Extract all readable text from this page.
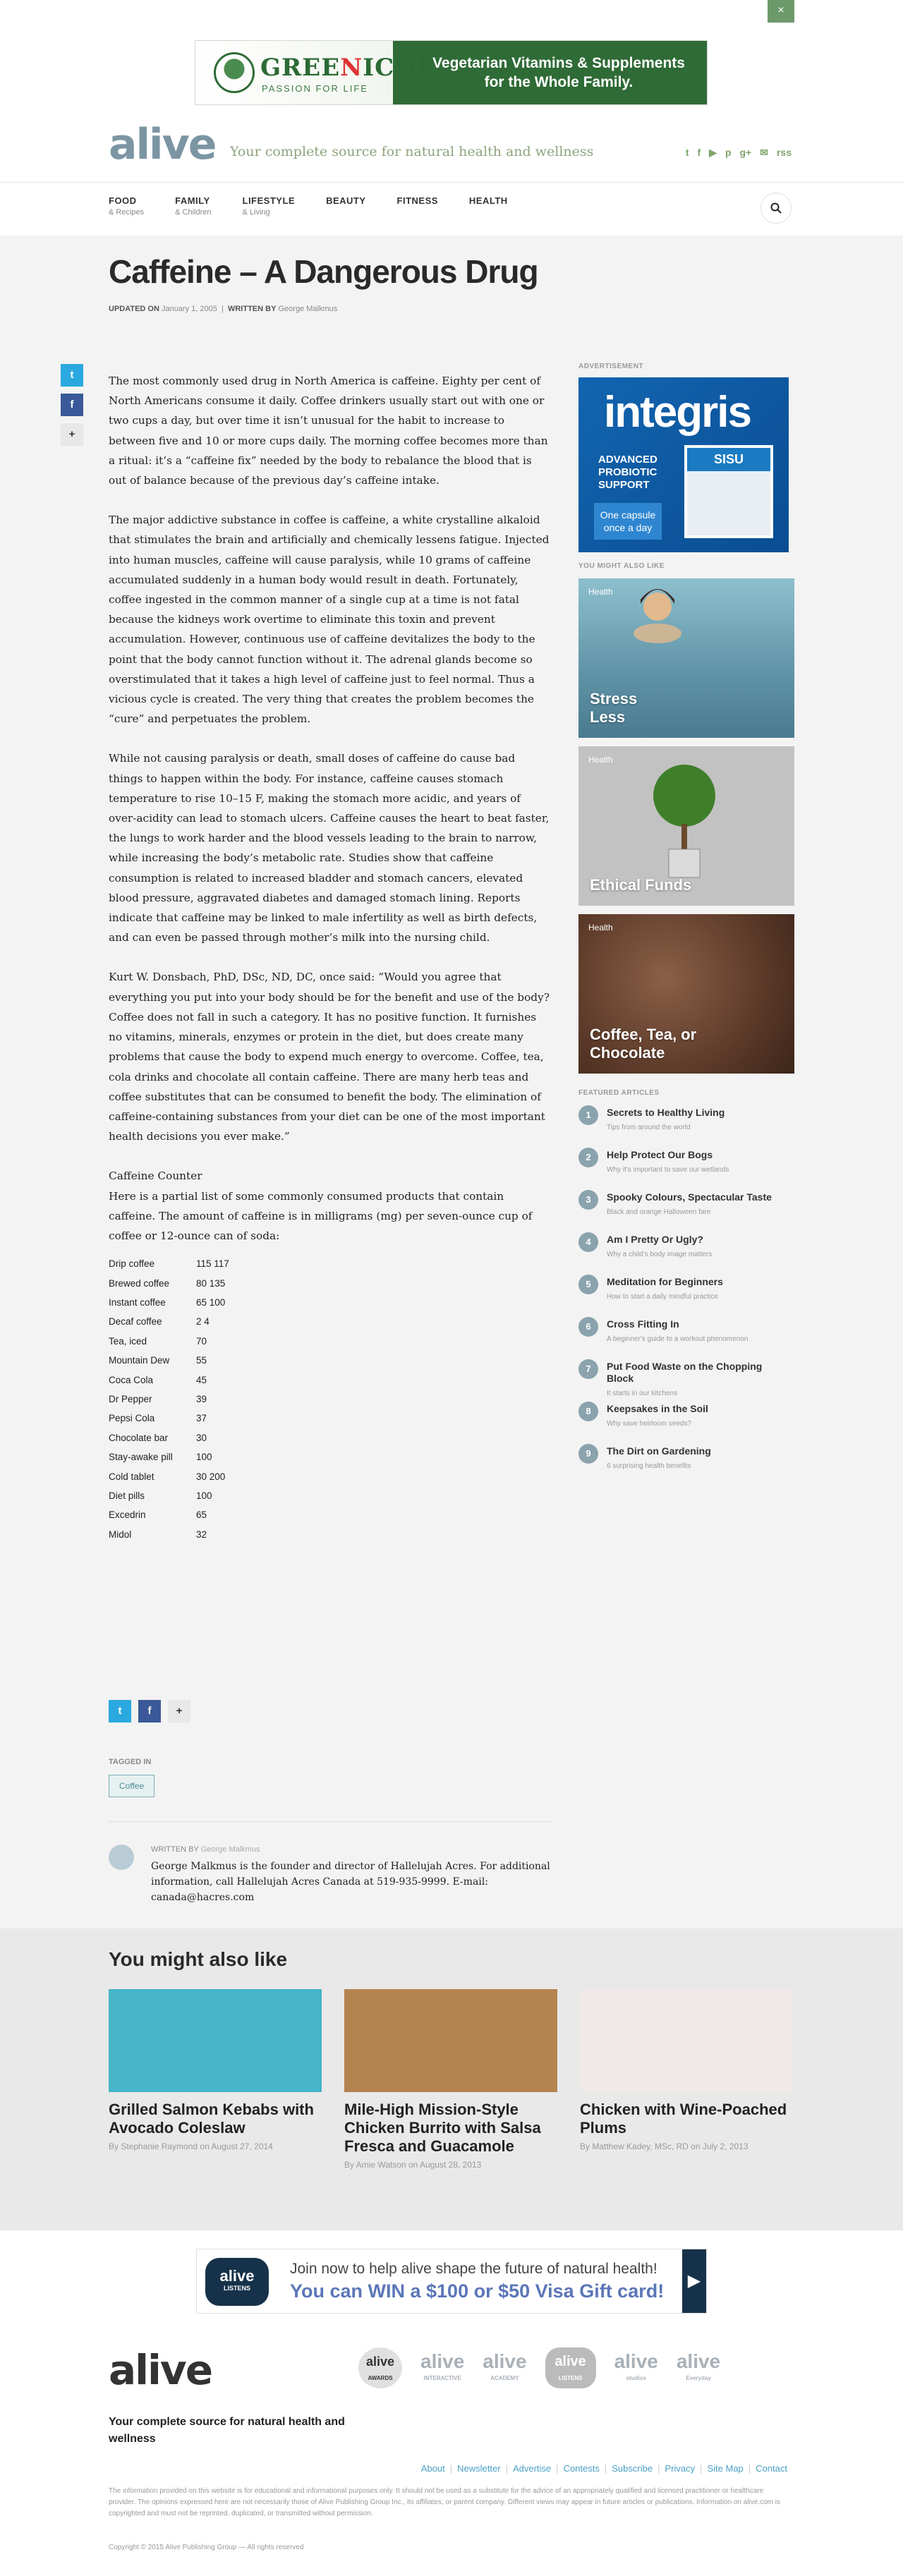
×
GREENICHE
PASSION FOR LIFE
Vegetarian Vitamins & Supplements
for the Whole Family.
alive Your complete source for natural health and wellness	t f ▶ p g+ ✉ rss
FOOD
& Recipes
FAMILY
& Children
LIFESTYLE
& Living
BEAUTY	FITNESS	HEALTH
Caffeine – A Dangerous Drug
UPDATED ON January 1, 2005  |  WRITTEN BY George Malkmus
t
f
+

The most commonly used drug in North America is caffeine. Eighty per cent of North Americans consume it daily. Coffee drinkers usually start out with one or two cups a day, but over time it isn’t unusual for the habit to increase to between five and 10 or more cups daily. The morning coffee becomes more than a ritual: it’s a “caffeine fix” needed by the body to rebalance the blood that is out of balance because of the previous day’s caffeine intake.

The major addictive substance in coffee is caffeine, a white crystalline alkaloid that stimulates the brain and artificially and chemically lessens fatigue. Injected into human muscles, caffeine will cause paralysis, while 10 grams of caffeine accumulated suddenly in a human body would result in death. Fortunately, coffee ingested in the common manner of a single cup at a time is not fatal because the kidneys work overtime to eliminate this toxin and prevent accumulation. However, continuous use of caffeine devitalizes the body to the point that the body cannot function without it. The adrenal glands become so overstimulated that it takes a high level of caffeine just to feel normal. Thus a vicious cycle is created. The very thing that creates the problem becomes the “cure” and perpetuates the problem.

While not causing paralysis or death, small doses of caffeine do cause bad things to happen within the body. For instance, caffeine causes stomach temperature to rise 10–15 F, making the stomach more acidic, and years of over-acidity can lead to stomach ulcers. Caffeine causes the heart to beat faster, the lungs to work harder and the blood vessels leading to the brain to narrow, while increasing the body’s metabolic rate. Studies show that caffeine consumption is related to increased bladder and stomach cancers, elevated blood pressure, aggravated diabetes and damaged stomach lining. Reports indicate that caffeine may be linked to male infertility as well as birth defects, and can even be passed through mother’s milk into the nursing child.

Kurt W. Donsbach, PhD, DSc, ND, DC, once said: “Would you agree that everything you put into your body should be for the benefit and use of the body? Coffee does not fall in such a category. It has no positive function. It furnishes no vitamins, minerals, enzymes or protein in the diet, but does create many problems that cause the body to expend much energy to overcome. Coffee, tea, cola drinks and chocolate all contain caffeine. There are many herb teas and coffee substitutes that can be consumed to benefit the body. The elimination of caffeine-containing substances from your diet can be one of the most important health decisions you ever make.”

Caffeine Counter
Here is a partial list of some commonly consumed products that contain caffeine. The amount of caffeine is in milligrams (mg) per seven-ounce cup of coffee or 12-ounce can of soda:
Drip coffee	115 117
Brewed coffee	80 135
Instant coffee	65 100
Decaf coffee	2 4
Tea, iced	70
Mountain Dew	55
Coca Cola	45
Dr Pepper	39
Pepsi Cola	37
Chocolate bar	30
Stay-awake pill	100
Cold tablet	30 200
Diet pills	100
Excedrin	65
Midol	32
t	f	+
TAGGED IN
Coffee
WRITTEN BY George Malkmus
George Malkmus is the founder and director of Hallelujah Acres. For additional information, call Hallelujah Acres Canada at 519-935-9999. E-mail: canada@hacres.com
ADVERTISEMENT
integris
ADVANCED
PROBIOTIC
SUPPORT
One capsule once a day
SISU
YOU MIGHT ALSO LIKE
Health
Stress Less
Health
Ethical Funds
Health
Coffee, Tea, or Chocolate
FEATURED ARTICLES
1	Secrets to Healthy Living
Tips from around the world
2	Help Protect Our Bogs
Why it's important to save our wetlands
3	Spooky Colours, Spectacular Taste
Black and orange Halloween fare
4	Am I Pretty Or Ugly?
Why a child's body image matters
5	Meditation for Beginners
How to start a daily mindful practice
6	Cross Fitting In
A beginner's guide to a workout phenomenon
7	Put Food Waste on the Chopping Block
It starts in our kitchens
8	Keepsakes in the Soil
Why save heirloom seeds?
9	The Dirt on Gardening
6 surprising health benefits
You might also like
Grilled Salmon Kebabs with Avocado Coleslaw
By Stephanie Raymond on August 27, 2014
Mile-High Mission-Style Chicken Burrito with Salsa Fresca and Guacamole
By Amie Watson on August 28, 2013
Chicken with Wine-Poached Plums
By Matthew Kadey, MSc, RD on July 2, 2013
alive
LISTENS
Join now to help alive shape the future of natural health!
You can WIN a $100 or $50 Visa Gift card!	▶
alive	alive
AWARDS
alive
INTERACTIVE
alive
ACADEMY
alive
LISTENS
alive
studios
alive
Everyday
Your complete source for natural health and wellness
About | Newsletter | Advertise | Contests | Subscribe | Privacy | Site Map | Contact
The information provided on this website is for educational and informational purposes only. It should not be used as a substitute for the advice of an appropriately qualified and licensed practitioner or healthcare provider. The opinions expressed here are not necessarily those of Alive Publishing Group Inc., its affiliates, or parent company. Different views may appear in future articles or publications. Information on alive.com is copyrighted and must not be reprinted, duplicated, or transmitted without permission.
Copyright © 2015 Alive Publishing Group — All rights reserved
